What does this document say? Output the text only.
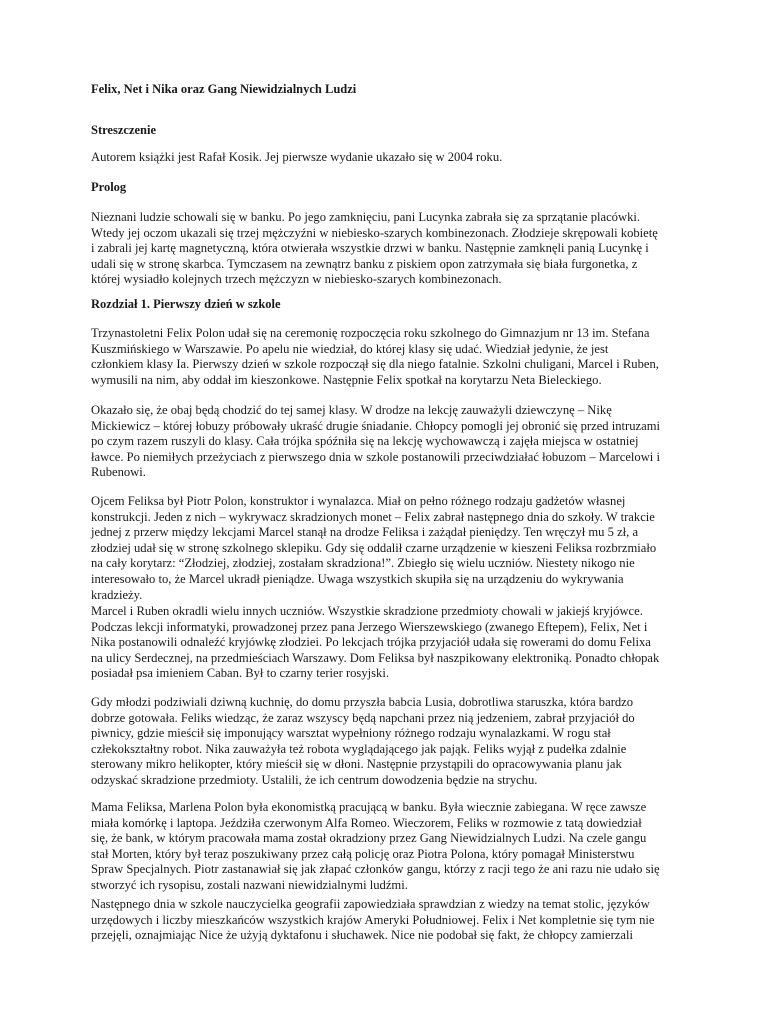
Felix, Net i Nika oraz Gang Niewidzialnych Ludzi

Streszczenie

Autorem książki jest Rafał Kosik. Jej pierwsze wydanie ukazało się w 2004 roku.

Prolog

Nieznani ludzie schowali się w banku. Po jego zamknięciu, pani Lucynka zabrała się za sprzątanie placówki.
Wtedy jej oczom ukazali się trzej mężczyźni w niebiesko-szarych kombinezonach. Złodzieje skrępowali kobietę
i zabrali jej kartę magnetyczną, która otwierała wszystkie drzwi w banku. Następnie zamknęli panią Lucynkę i
udali się w stronę skarbca. Tymczasem na zewnątrz banku z piskiem opon zatrzymała się biała furgonetka, z
której wysiadło kolejnych trzech mężczyzn w niebiesko-szarych kombinezonach.

Rozdział 1. Pierwszy dzień w szkole

Trzynastoletni Felix Polon udał się na ceremonię rozpoczęcia roku szkolnego do Gimnazjum nr 13 im. Stefana
Kuszmińskiego w Warszawie. Po apelu nie wiedział, do której klasy się udać. Wiedział jedynie, że jest
członkiem klasy Ia. Pierwszy dzień w szkole rozpoczął się dla niego fatalnie. Szkolni chuligani, Marcel i Ruben,
wymusili na nim, aby oddał im kieszonkowe. Następnie Felix spotkał na korytarzu Neta Bieleckiego.

Okazało się, że obaj będą chodzić do tej samej klasy. W drodze na lekcję zauważyli dziewczynę – Nikę
Mickiewicz – której łobuzy próbowały ukraść drugie śniadanie. Chłopcy pomogli jej obronić się przed intruzami
po czym razem ruszyli do klasy. Cała trójka spóźniła się na lekcję wychowawczą i zajęła miejsca w ostatniej
ławce. Po niemiłych przeżyciach z pierwszego dnia w szkole postanowili przeciwdziałać łobuzom – Marcelowi i
Rubenowi.

Ojcem Feliksa był Piotr Polon, konstruktor i wynalazca. Miał on pełno różnego rodzaju gadżetów własnej
konstrukcji. Jeden z nich – wykrywacz skradzionych monet – Felix zabrał następnego dnia do szkoły. W trakcie
jednej z przerw między lekcjami Marcel stanął na drodze Feliksa i zażądał pieniędzy. Ten wręczył mu 5 zł, a
złodziej udał się w stronę szkolnego sklepiku. Gdy się oddalił czarne urządzenie w kieszeni Feliksa rozbrzmiało
na cały korytarz: “Złodziej, złodziej, zostałam skradziona!”. Zbiegło się wielu uczniów. Niestety nikogo nie
interesowało to, że Marcel ukradł pieniądze. Uwaga wszystkich skupiła się na urządzeniu do wykrywania
kradzieży.

Marcel i Ruben okradli wielu innych uczniów. Wszystkie skradzione przedmioty chowali w jakiejś kryjówce.
Podczas lekcji informatyki, prowadzonej przez pana Jerzego Wierszewskiego (zwanego Eftepem), Felix, Net i
Nika postanowili odnaleźć kryjówkę złodziei. Po lekcjach trójka przyjaciół udała się rowerami do domu Felixa
na ulicy Serdecznej, na przedmieściach Warszawy. Dom Feliksa był naszpikowany elektroniką. Ponadto chłopak
posiadał psa imieniem Caban. Był to czarny terier rosyjski.

Gdy młodzi podziwiali dziwną kuchnię, do domu przyszła babcia Lusia, dobrotliwa staruszka, która bardzo
dobrze gotowała. Feliks wiedząc, że zaraz wszyscy będą napchani przez nią jedzeniem, zabrał przyjaciół do
piwnicy, gdzie mieścił się imponujący warsztat wypełniony różnego rodzaju wynalazkami. W rogu stał
człekokształtny robot. Nika zauważyła też robota wyglądającego jak pająk. Feliks wyjął z pudełka zdalnie
sterowany mikro helikopter, który mieścił się w dłoni. Następnie przystąpili do opracowywania planu jak
odzyskać skradzione przedmioty. Ustalili, że ich centrum dowodzenia będzie na strychu.

Mama Feliksa, Marlena Polon była ekonomistką pracującą w banku. Była wiecznie zabiegana. W ręce zawsze
miała komórkę i laptopa. Jeździła czerwonym Alfa Romeo. Wieczorem, Feliks w rozmowie z tatą dowiedział
się, że bank, w którym pracowała mama został okradziony przez Gang Niewidzialnych Ludzi. Na czele gangu
stał Morten, który był teraz poszukiwany przez całą policję oraz Piotra Polona, który pomagał Ministerstwu
Spraw Specjalnych. Piotr zastanawiał się jak złapać członków gangu, którzy z racji tego że ani razu nie udało się
stworzyć ich rysopisu, zostali nazwani niewidzialnymi ludźmi.

Następnego dnia w szkole nauczycielka geografii zapowiedziała sprawdzian z wiedzy na temat stolic, języków
urzędowych i liczby mieszkańców wszystkich krajów Ameryki Południowej. Felix i Net kompletnie się tym nie
przejęli, oznajmiając Nice że użyją dyktafonu i słuchawek. Nice nie podobał się fakt, że chłopcy zamierzali
